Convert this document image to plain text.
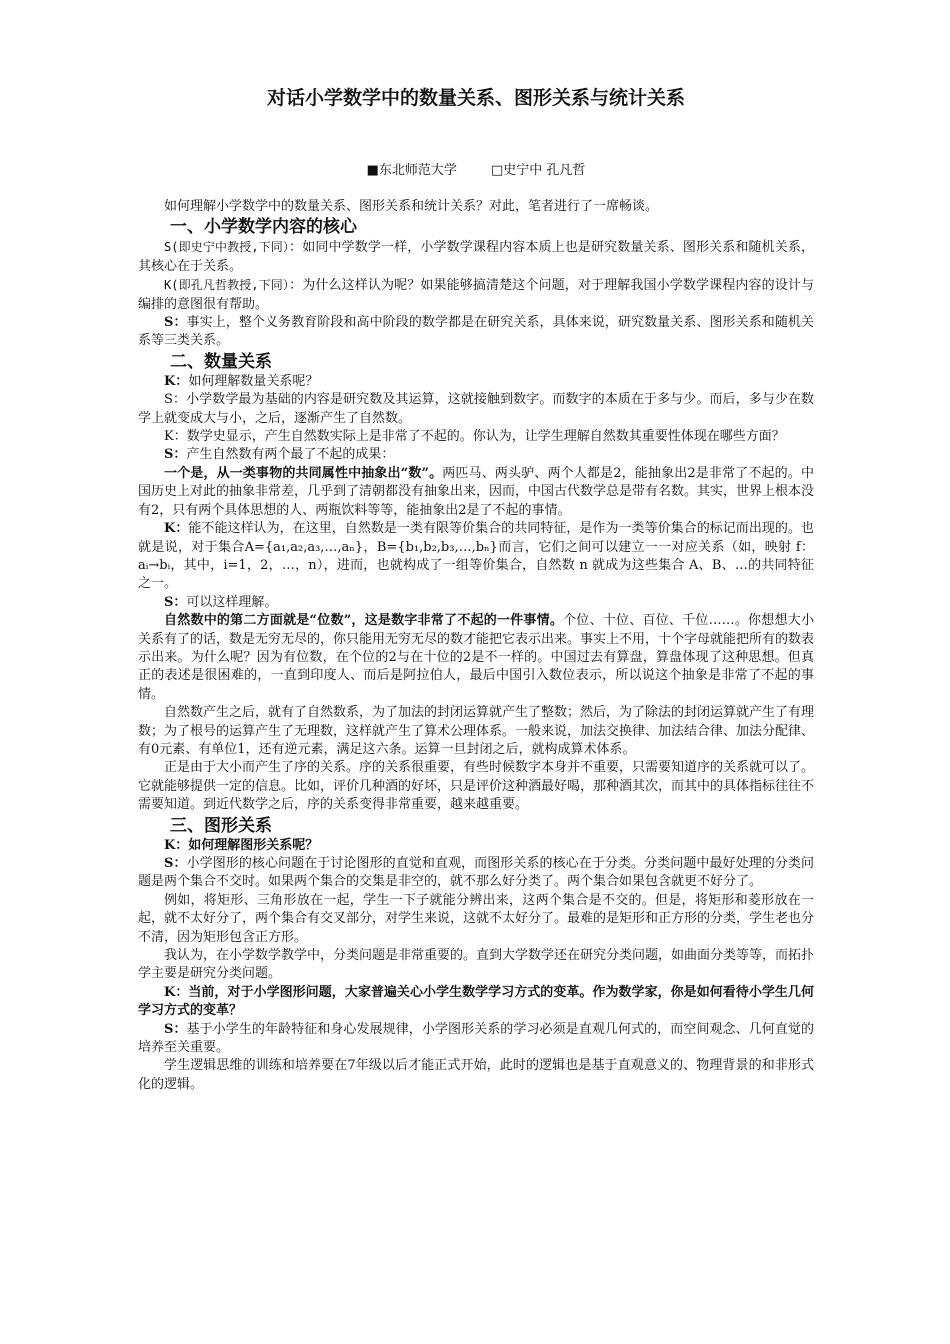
对话小学数学中的数量关系、图形关系与统计关系
■东北师范大学	□史宁中 孔凡哲

如何理解小学数学中的数量关系、图形关系和统计关系？对此，笔者进行了一席畅谈。

一、小学数学内容的核心

S(即史宁中教授,下同）：如同中学数学一样，小学数学课程内容本质上也是研究数量关系、图形关系和随机关系，其核心在于关系。

K(即孔凡哲教授,下同）：为什么这样认为呢？如果能够搞清楚这个问题，对于理解我国小学数学课程内容的设计与编排的意图很有帮助。

S：事实上，整个义务教育阶段和高中阶段的数学都是在研究关系，具体来说，研究数量关系、图形关系和随机关系等三类关系。

二、数量关系

K：如何理解数量关系呢？

S：小学数学最为基础的内容是研究数及其运算，这就接触到数字。而数字的本质在于多与少。而后，多与少在数学上就变成大与小，之后，逐渐产生了自然数。

K：数学史显示，产生自然数实际上是非常了不起的。你认为，让学生理解自然数其重要性体现在哪些方面？

S：产生自然数有两个最了不起的成果：

一个是，从一类事物的共同属性中抽象出“数”。两匹马、两头驴、两个人都是2，能抽象出2是非常了不起的。中国历史上对此的抽象非常差，几乎到了清朝都没有抽象出来，因而，中国古代数学总是带有名数。其实，世界上根本没有2，只有两个具体思想的人、两瓶饮料等等，能抽象出2是了不起的事情。

K：能不能这样认为，在这里，自然数是一类有限等价集合的共同特征，是作为一类等价集合的标记而出现的。也就是说，对于集合A={a₁,a₂,a₃,…,aₙ}，B={b₁,b₂,b₃,…,bₙ}而言，它们之间可以建立一一对应关系（如，映射 f：aᵢ→bᵢ，其中，i=1，2，…，n），进而，也就构成了一组等价集合，自然数 n 就成为这些集合 A、B、…的共同特征之一。

S：可以这样理解。

自然数中的第二方面就是“位数”，这是数字非常了不起的一件事情。个位、十位、百位、千位……。你想想大小关系有了的话，数是无穷无尽的，你只能用无穷无尽的数才能把它表示出来。事实上不用，十个字母就能把所有的数表示出来。为什么呢？因为有位数，在个位的2与在十位的2是不一样的。中国过去有算盘，算盘体现了这种思想。但真正的表述是很困难的，一直到印度人、而后是阿拉伯人，最后中国引入数位表示，所以说这个抽象是非常了不起的事情。

自然数产生之后，就有了自然数系，为了加法的封闭运算就产生了整数；然后，为了除法的封闭运算就产生了有理数；为了根号的运算产生了无理数，这样就产生了算术公理体系。一般来说，加法交换律、加法结合律、加法分配律、有0元素、有单位1，还有逆元素，满足这六条。运算一旦封闭之后，就构成算术体系。

正是由于大小而产生了序的关系。序的关系很重要，有些时候数字本身并不重要，只需要知道序的关系就可以了。它就能够提供一定的信息。比如，评价几种酒的好坏，只是评价这种酒最好喝，那种酒其次，而其中的具体指标往往不需要知道。到近代数学之后，序的关系变得非常重要，越来越重要。

三、图形关系

K：如何理解图形关系呢？

S：小学图形的核心问题在于讨论图形的直觉和直观，而图形关系的核心在于分类。分类问题中最好处理的分类问题是两个集合不交时。如果两个集合的交集是非空的，就不那么好分类了。两个集合如果包含就更不好分了。

例如，将矩形、三角形放在一起，学生一下子就能分辨出来，这两个集合是不交的。但是，将矩形和菱形放在一起，就不太好分了，两个集合有交叉部分，对学生来说，这就不太好分了。最难的是矩形和正方形的分类，学生老也分不清，因为矩形包含正方形。

我认为，在小学数学教学中，分类问题是非常重要的。直到大学数学还在研究分类问题，如曲面分类等等，而拓扑学主要是研究分类问题。

K：当前，对于小学图形问题，大家普遍关心小学生数学学习方式的变革。作为数学家，你是如何看待小学生几何学习方式的变革？

S：基于小学生的年龄特征和身心发展规律，小学图形关系的学习必须是直观几何式的，而空间观念、几何直觉的培养至关重要。

学生逻辑思维的训练和培养要在7年级以后才能正式开始，此时的逻辑也是基于直观意义的、物理背景的和非形式化的逻辑。
